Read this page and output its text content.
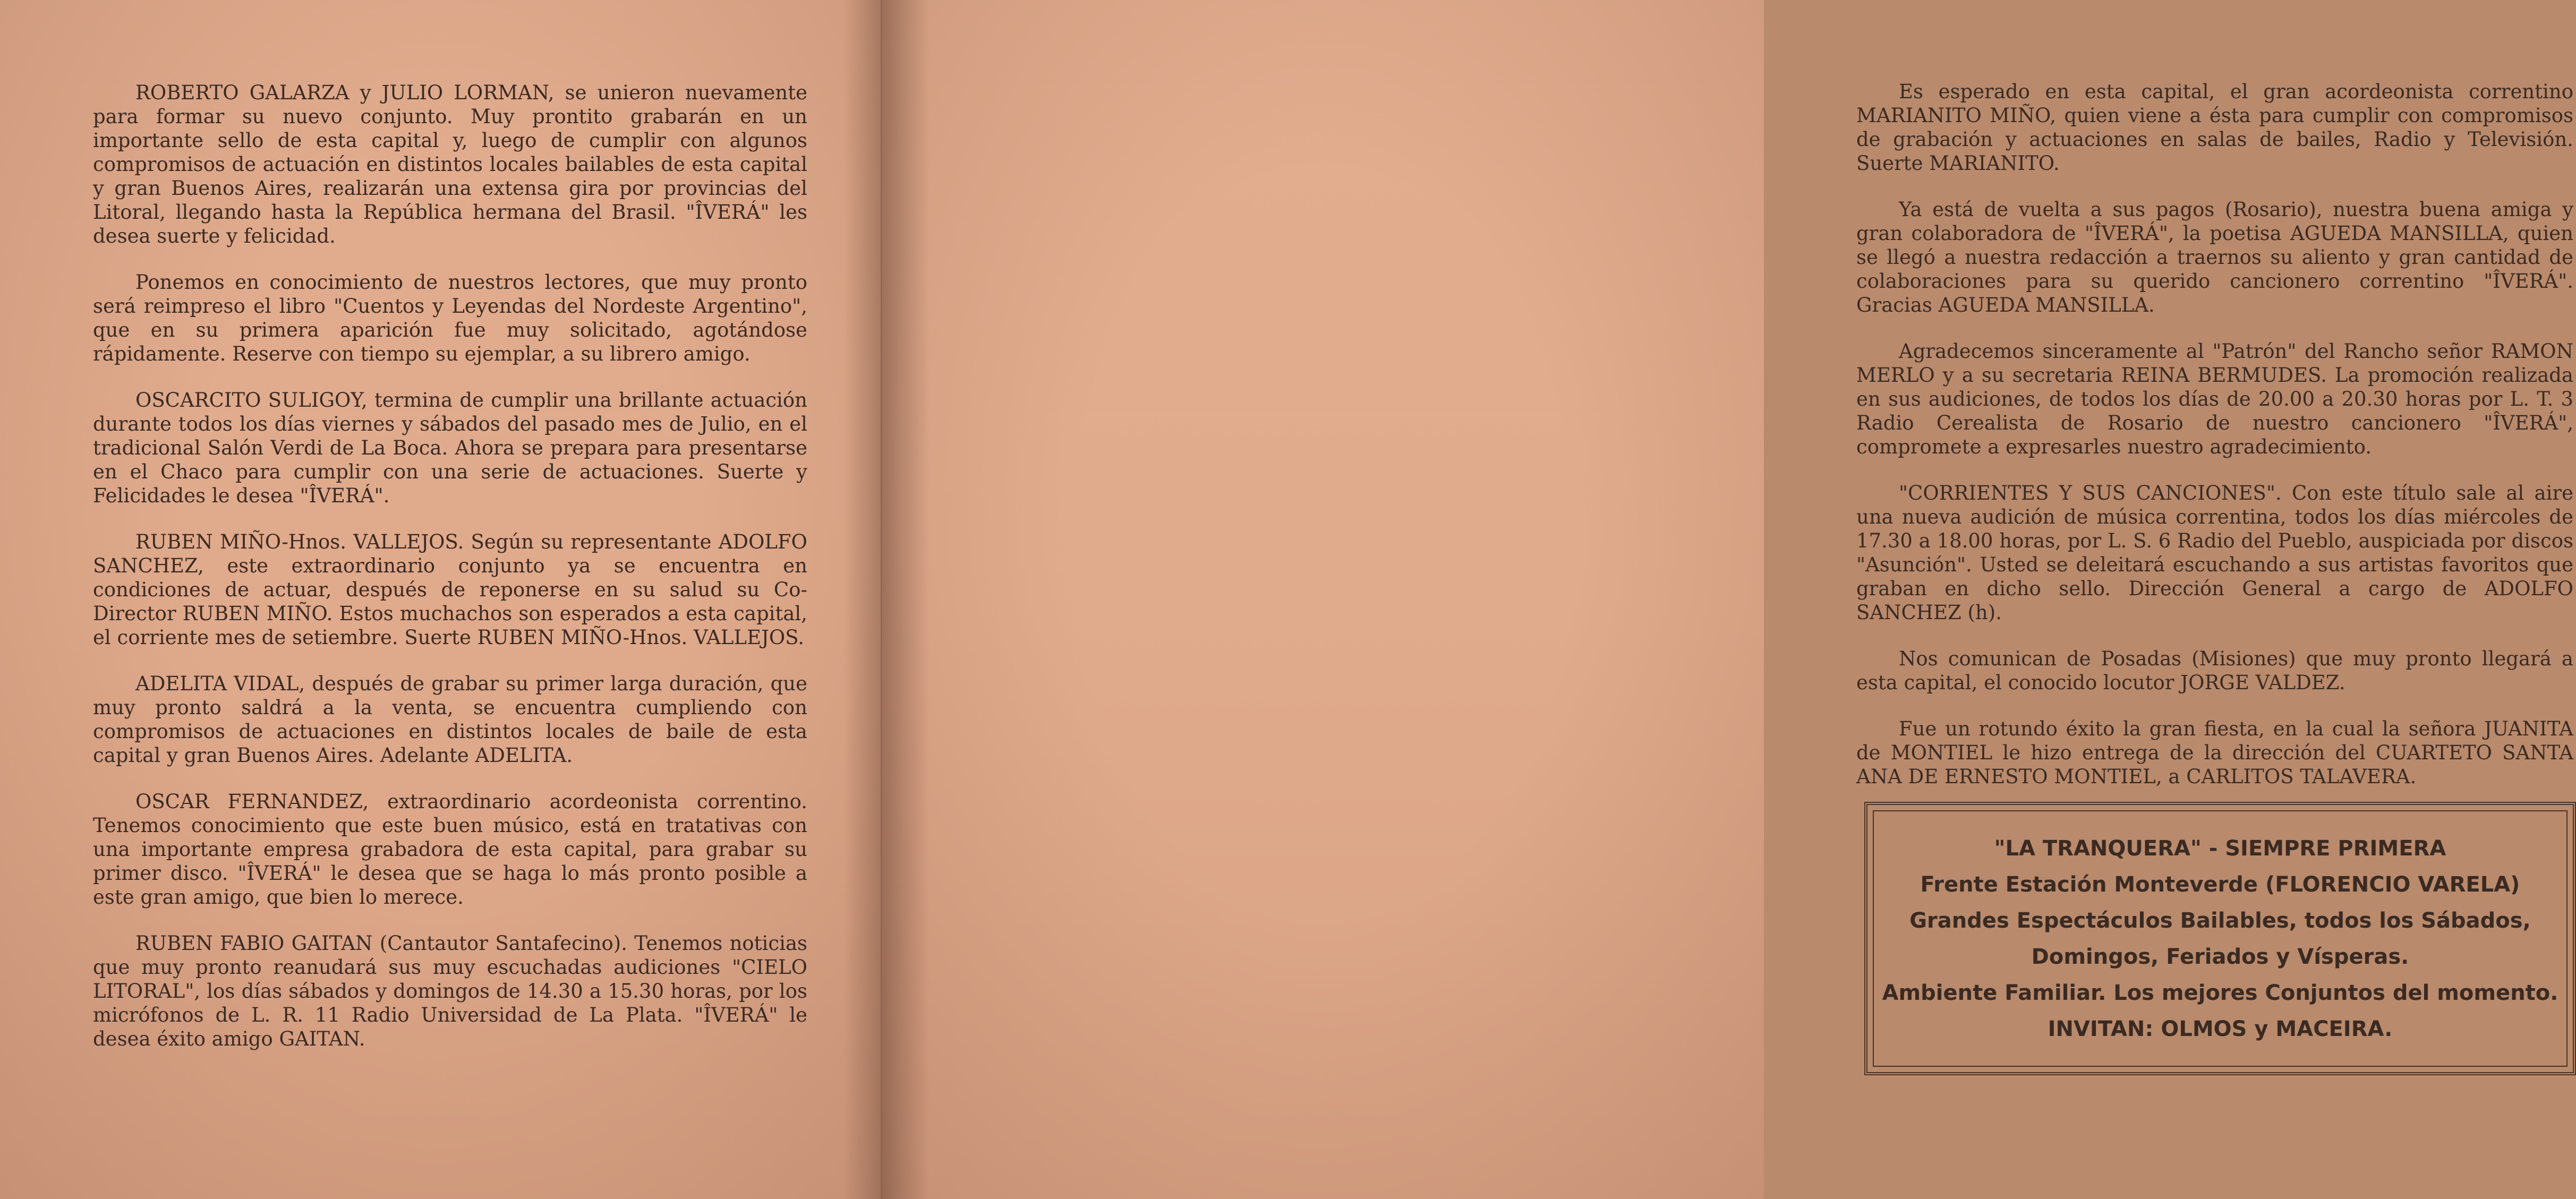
ROBERTO GALARZA y JULIO LORMAN, se unieron nuevamente para formar su nuevo conjunto. Muy prontito grabarán en un importante sello de esta capital y, luego de cumplir con algunos compromisos de actuación en distintos locales bailables de esta capital y gran Buenos Aires, realizarán una extensa gira por provincias del Litoral, llegando hasta la República hermana del Brasil. "ÎVERÁ" les desea suerte y felicidad.

Ponemos en conocimiento de nuestros lectores, que muy pronto será reimpreso el libro "Cuentos y Leyendas del Nordeste Argentino", que en su primera aparición fue muy solicitado, agotándose rápidamente. Reserve con tiempo su ejemplar, a su librero amigo.

OSCARCITO SULIGOY, termina de cumplir una brillante actuación durante todos los días viernes y sábados del pasado mes de Julio, en el tradicional Salón Verdi de La Boca. Ahora se prepara para presentarse en el Chaco para cumplir con una serie de actuaciones. Suerte y Felicidades le desea "ÎVERÁ".

RUBEN MIÑO-Hnos. VALLEJOS. Según su representante ADOLFO SANCHEZ, este extraordinario conjunto ya se encuentra en condiciones de actuar, después de reponerse en su salud su Co-Director RUBEN MIÑO. Estos muchachos son esperados a esta capital, el corriente mes de setiembre. Suerte RUBEN MIÑO-Hnos. VALLEJOS.

ADELITA VIDAL, después de grabar su primer larga duración, que muy pronto saldrá a la venta, se encuentra cumpliendo con compromisos de actuaciones en distintos locales de baile de esta capital y gran Buenos Aires. Adelante ADELITA.

OSCAR FERNANDEZ, extraordinario acordeonista correntino. Tenemos conocimiento que este buen músico, está en tratativas con una importante empresa grabadora de esta capital, para grabar su primer disco. "ÎVERÁ" le desea que se haga lo más pronto posible a este gran amigo, que bien lo merece.

RUBEN FABIO GAITAN (Cantautor Santafecino). Tenemos noticias que muy pronto reanudará sus muy escuchadas audiciones "CIELO LITORAL", los días sábados y domingos de 14.30 a 15.30 horas, por los micrófonos de L. R. 11 Radio Universidad de La Plata. "ÎVERÁ" le desea éxito amigo GAITAN.

Es esperado en esta capital, el gran acordeonista correntino MARIANITO MIÑO, quien viene a ésta para cumplir con compromisos de grabación y actuaciones en salas de bailes, Radio y Televisión. Suerte MARIANITO.

Ya está de vuelta a sus pagos (Rosario), nuestra buena amiga y gran colaboradora de "ÎVERÁ", la poetisa AGUEDA MANSILLA, quien se llegó a nuestra redacción a traernos su aliento y gran cantidad de colaboraciones para su querido cancionero correntino "ÎVERÁ". Gracias AGUEDA MANSILLA.

Agradecemos sinceramente al "Patrón" del Rancho señor RAMON MERLO y a su secretaria REINA BERMUDES. La promoción realizada en sus audiciones, de todos los días de 20.00 a 20.30 horas por L. T. 3 Radio Cerealista de Rosario de nuestro cancionero "ÎVERÁ", compromete a expresarles nuestro agradecimiento.

"CORRIENTES Y SUS CANCIONES". Con este título sale al aire una nueva audición de música correntina, todos los días miércoles de 17.30 a 18.00 horas, por L. S. 6 Radio del Pueblo, auspiciada por discos "Asunción". Usted se deleitará escuchando a sus artistas favoritos que graban en dicho sello. Dirección General a cargo de ADOLFO SANCHEZ (h).

Nos comunican de Posadas (Misiones) que muy pronto llegará a esta capital, el conocido locutor JORGE VALDEZ.

Fue un rotundo éxito la gran fiesta, en la cual la señora JUANITA de MONTIEL le hizo entrega de la dirección del CUARTETO SANTA ANA DE ERNESTO MONTIEL, a CARLITOS TALAVERA.

"LA TRANQUERA" - SIEMPRE PRIMERA
Frente Estación Monteverde (FLORENCIO VARELA)
Grandes Espectáculos Bailables, todos los Sábados,
Domingos, Feriados y Vísperas.
Ambiente Familiar. Los mejores Conjuntos del momento.
INVITAN: OLMOS y MACEIRA.
